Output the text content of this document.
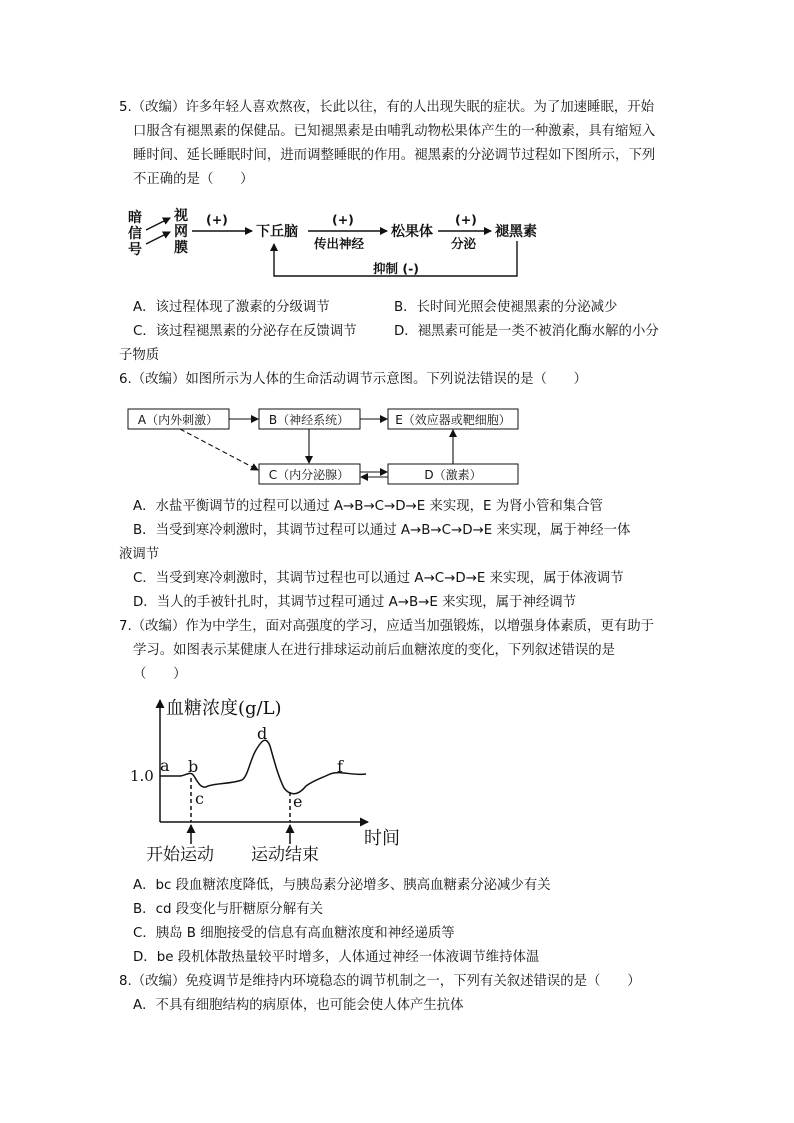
5.（改编）许多年轻人喜欢熬夜，长此以往，有的人出现失眠的症状。为了加速睡眠，开始
口服含有褪黑素的保健品。已知褪黑素是由哺乳动物松果体产生的一种激素，具有缩短入
睡时间、延长睡眠时间，进而调整睡眠的作用。褪黑素的分泌调节过程如下图所示，下列
不正确的是（　　）
暗
信
号
视
网
膜
下丘脑	松果体	褪黑素
(+)	(+)
传出神经
(+)
分泌
抑制 (-)
A．该过程体现了激素的分级调节	B．长时间光照会使褪黑素的分泌减少
C．该过程褪黑素的分泌存在反馈调节	D．褪黑素可能是一类不被消化酶水解的小分
子物质
6.（改编）如图所示为人体的生命活动调节示意图。下列说法错误的是（　　）
A（内外刺激）	B（神经系统）	E（效应器或靶细胞）
C（内分泌腺）	D（激素）
A．水盐平衡调节的过程可以通过 A→B→C→D→E 来实现，E 为肾小管和集合管
B．当受到寒冷刺激时，其调节过程可以通过 A→B→C→D→E 来实现，属于神经一体
液调节
C．当受到寒冷刺激时，其调节过程也可以通过 A→C→D→E 来实现，属于体液调节
D．当人的手被针扎时，其调节过程可通过 A→B→E 来实现，属于神经调节
7.（改编）作为中学生，面对高强度的学习，应适当加强锻炼，以增强身体素质，更有助于
学习。如图表示某健康人在进行排球运动前后血糖浓度的变化，下列叙述错误的是
（　　）
血糖浓度(g/L)
1.0
时间
开始运动 运动结束
a b
c
d
e
f
A．bc 段血糖浓度降低，与胰岛素分泌增多、胰高血糖素分泌减少有关
B．cd 段变化与肝糖原分解有关
C．胰岛 B 细胞接受的信息有高血糖浓度和神经递质等
D．be 段机体散热量较平时增多，人体通过神经一体液调节维持体温
8.（改编）免疫调节是维持内环境稳态的调节机制之一，下列有关叙述错误的是（　　）
A．不具有细胞结构的病原体，也可能会使人体产生抗体
